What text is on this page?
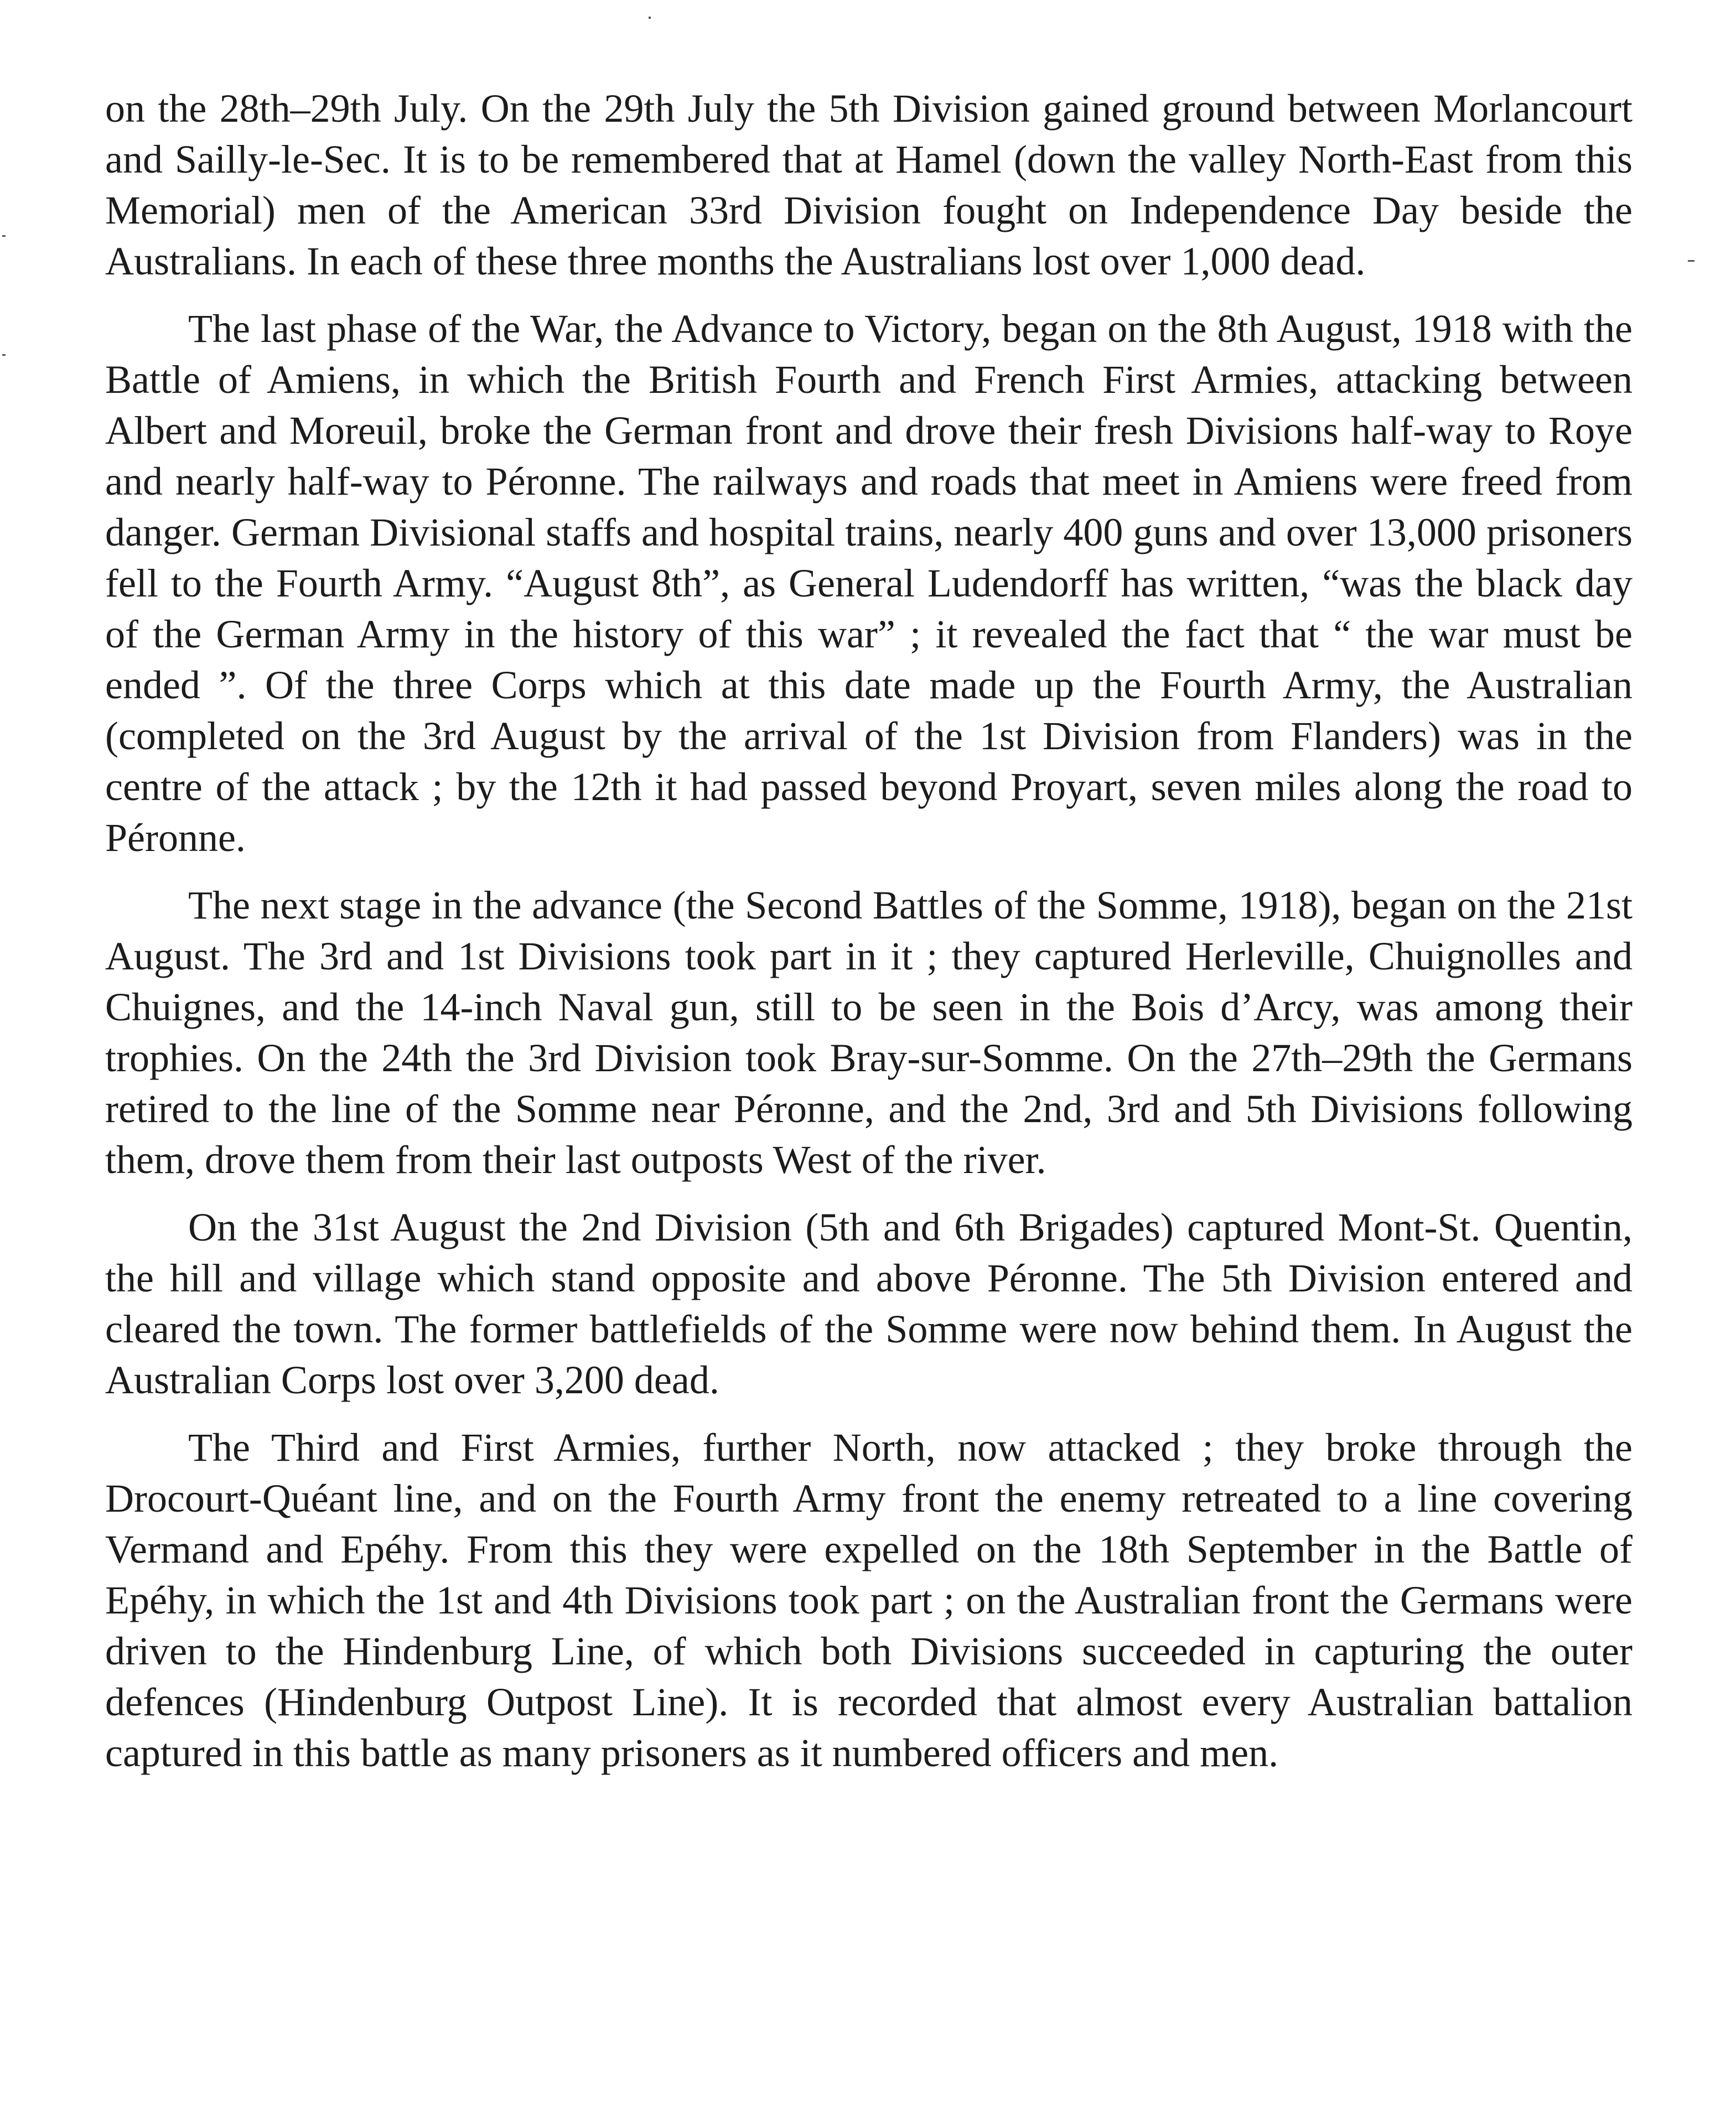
on the 28th–29th July. On the 29th July the 5th Division gained ground between Morlancourt and Sailly-le-Sec. It is to be remembered that at Hamel (down the valley North-East from this Memorial) men of the American 33rd Division fought on Independence Day beside the Australians. In each of these three months the Australians lost over 1,000 dead.

The last phase of the War, the Advance to Victory, began on the 8th August, 1918 with the Battle of Amiens, in which the British Fourth and French First Armies, attacking between Albert and Moreuil, broke the German front and drove their fresh Divisions half-way to Roye and nearly half-way to Péronne. The railways and roads that meet in Amiens were freed from danger. German Divisional staffs and hospital trains, nearly 400 guns and over 13,000 prisoners fell to the Fourth Army. “August 8th”, as General Ludendorff has written, “was the black day of the German Army in the history of this war” ; it revealed the fact that “ the war must be ended ”. Of the three Corps which at this date made up the Fourth Army, the Australian (completed on the 3rd August by the arrival of the 1st Division from Flanders) was in the centre of the attack ; by the 12th it had passed beyond Proyart, seven miles along the road to Péronne.

The next stage in the advance (the Second Battles of the Somme, 1918), began on the 21st August. The 3rd and 1st Divisions took part in it ; they captured Herleville, Chuignolles and Chuignes, and the 14-inch Naval gun, still to be seen in the Bois d’Arcy, was among their trophies. On the 24th the 3rd Division took Bray-sur-Somme. On the 27th–29th the Germans retired to the line of the Somme near Péronne, and the 2nd, 3rd and 5th Divisions following them, drove them from their last outposts West of the river.

On the 31st August the 2nd Division (5th and 6th Brigades) captured Mont-St. Quentin, the hill and village which stand opposite and above Péronne. The 5th Division entered and cleared the town. The former battlefields of the Somme were now behind them. In August the Australian Corps lost over 3,200 dead.

The Third and First Armies, further North, now attacked ; they broke through the Drocourt-Quéant line, and on the Fourth Army front the enemy retreated to a line covering Vermand and Epéhy. From this they were expelled on the 18th September in the Battle of Epéhy, in which the 1st and 4th Divisions took part ; on the Australian front the Germans were driven to the Hindenburg Line, of which both Divisions succeeded in capturing the outer defences (Hindenburg Outpost Line). It is recorded that almost every Australian battalion captured in this battle as many prisoners as it numbered officers and men.
